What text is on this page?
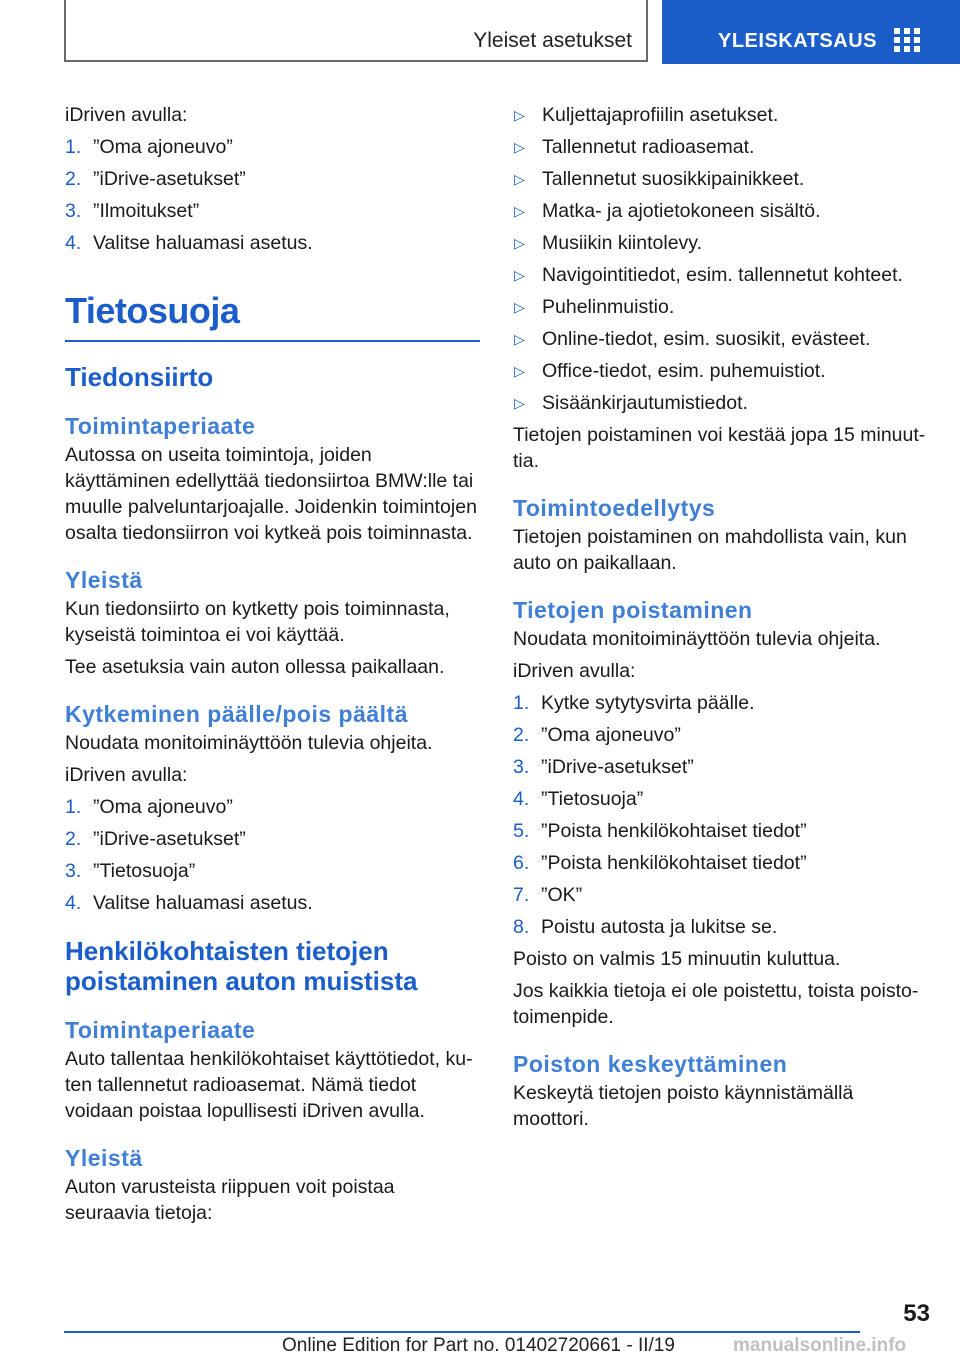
Yleiset asetukset	YLEISKATSAUS

iDriven avulla:

1. ”Oma ajoneuvo”
2. ”iDrive-asetukset”
3. ”Ilmoitukset”
4. Valitse haluamasi asetus.
Tietosuoja
Tiedonsiirto
Toimintaperiaate

Autossa on useita toimintoja, joiden käyttäminen edellyttää tiedonsiirtoa BMW:lle tai muulle palveluntarjoajalle. Joidenkin toimintojen osalta tiedonsiirron voi kytkeä pois toiminnasta.

Yleistä

Kun tiedonsiirto on kytketty pois toiminnasta, kyseistä toimintoa ei voi käyttää.

Tee asetuksia vain auton ollessa paikallaan.

Kytkeminen päälle/pois päältä

Noudata monitoiminäyttöön tulevia ohjeita.

iDriven avulla:

1. ”Oma ajoneuvo”
2. ”iDrive-asetukset”
3. ”Tietosuoja”
4. Valitse haluamasi asetus.
Henkilökohtaisten tietojen poistaminen auton muistista
Toimintaperiaate

Auto tallentaa henkilökohtaiset käyttötiedot, kuten tallennetut radioasemat. Nämä tiedot voidaan poistaa lopullisesti iDriven avulla.

Yleistä

Auton varusteista riippuen voit poistaa seuraavia tietoja:

▷ Kuljettajaprofiilin asetukset.
▷ Tallennetut radioasemat.
▷ Tallennetut suosikkipainikkeet.
▷ Matka- ja ajotietokoneen sisältö.
▷ Musiikin kiintolevy.
▷ Navigointitiedot, esim. tallennetut kohteet.
▷ Puhelinmuistio.
▷ Online-tiedot, esim. suosikit, evästeet.
▷ Office-tiedot, esim. puhemuistiot.
▷ Sisäänkirjautumistiedot.

Tietojen poistaminen voi kestää jopa 15 minuuttia.

Toimintoedellytys

Tietojen poistaminen on mahdollista vain, kun auto on paikallaan.

Tietojen poistaminen

Noudata monitoiminäyttöön tulevia ohjeita.

iDriven avulla:

1. Kytke sytytysvirta päälle.
2. ”Oma ajoneuvo”
3. ”iDrive-asetukset”
4. ”Tietosuoja”
5. ”Poista henkilökohtaiset tiedot”
6. ”Poista henkilökohtaiset tiedot”
7. ”OK”
8. Poistu autosta ja lukitse se.

Poisto on valmis 15 minuutin kuluttua.

Jos kaikkia tietoja ei ole poistettu, toista poistotoimenpide.

Poiston keskeyttäminen

Keskeytä tietojen poisto käynnistämällä moottori.

53
Online Edition for Part no. 01402720661 - II/19	manualsonline.info
